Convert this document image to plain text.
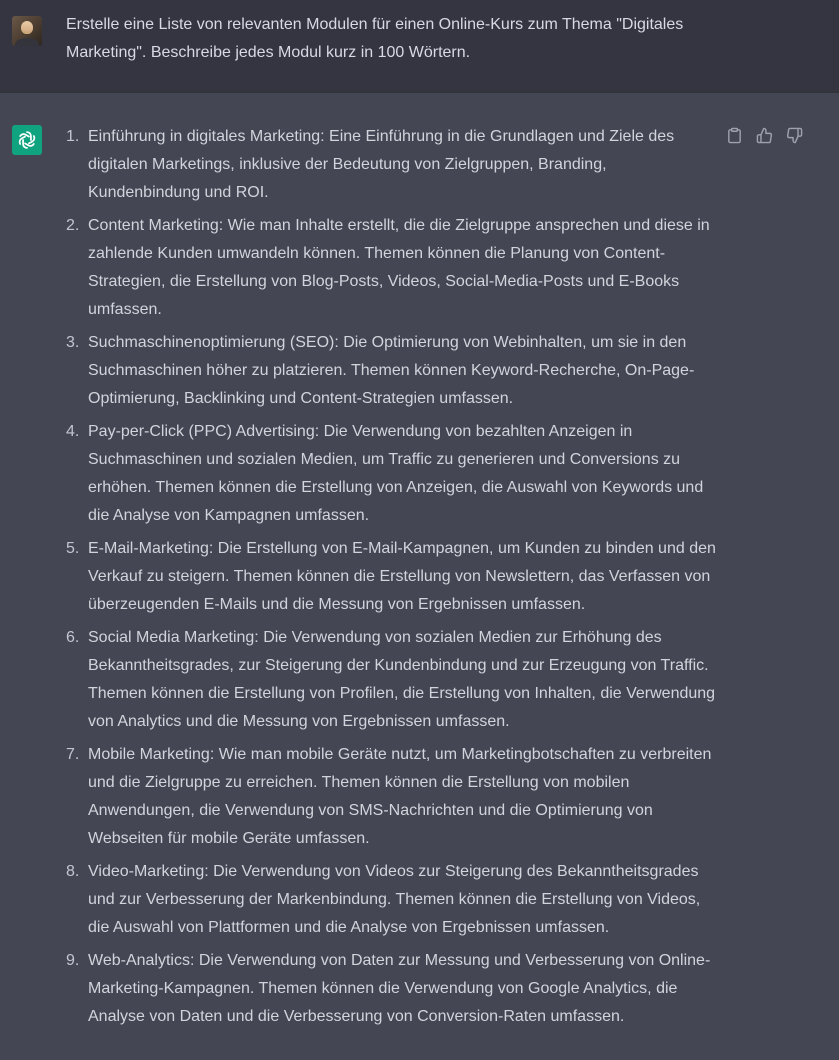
Erstelle eine Liste von relevanten Modulen für einen Online-Kurs zum Thema "Digitales Marketing". Beschreibe jedes Modul kurz in 100 Wörtern.
1. Einführung in digitales Marketing: Eine Einführung in die Grundlagen und Ziele des digitalen Marketings, inklusive der Bedeutung von Zielgruppen, Branding, Kundenbindung und ROI.
2. Content Marketing: Wie man Inhalte erstellt, die die Zielgruppe ansprechen und diese in zahlende Kunden umwandeln können. Themen können die Planung von Content-Strategien, die Erstellung von Blog-Posts, Videos, Social-Media-Posts und E-Books umfassen.
3. Suchmaschinenoptimierung (SEO): Die Optimierung von Webinhalten, um sie in den Suchmaschinen höher zu platzieren. Themen können Keyword-Recherche, On-Page-Optimierung, Backlinking und Content-Strategien umfassen.
4. Pay-per-Click (PPC) Advertising: Die Verwendung von bezahlten Anzeigen in Suchmaschinen und sozialen Medien, um Traffic zu generieren und Conversions zu erhöhen. Themen können die Erstellung von Anzeigen, die Auswahl von Keywords und die Analyse von Kampagnen umfassen.
5. E-Mail-Marketing: Die Erstellung von E-Mail-Kampagnen, um Kunden zu binden und den Verkauf zu steigern. Themen können die Erstellung von Newslettern, das Verfassen von überzeugenden E-Mails und die Messung von Ergebnissen umfassen.
6. Social Media Marketing: Die Verwendung von sozialen Medien zur Erhöhung des Bekanntheitsgrades, zur Steigerung der Kundenbindung und zur Erzeugung von Traffic. Themen können die Erstellung von Profilen, die Erstellung von Inhalten, die Verwendung von Analytics und die Messung von Ergebnissen umfassen.
7. Mobile Marketing: Wie man mobile Geräte nutzt, um Marketingbotschaften zu verbreiten und die Zielgruppe zu erreichen. Themen können die Erstellung von mobilen Anwendungen, die Verwendung von SMS-Nachrichten und die Optimierung von Webseiten für mobile Geräte umfassen.
8. Video-Marketing: Die Verwendung von Videos zur Steigerung des Bekanntheitsgrades und zur Verbesserung der Markenbindung. Themen können die Erstellung von Videos, die Auswahl von Plattformen und die Analyse von Ergebnissen umfassen.
9. Web-Analytics: Die Verwendung von Daten zur Messung und Verbesserung von Online-Marketing-Kampagnen. Themen können die Verwendung von Google Analytics, die Analyse von Daten und die Verbesserung von Conversion-Raten umfassen.
